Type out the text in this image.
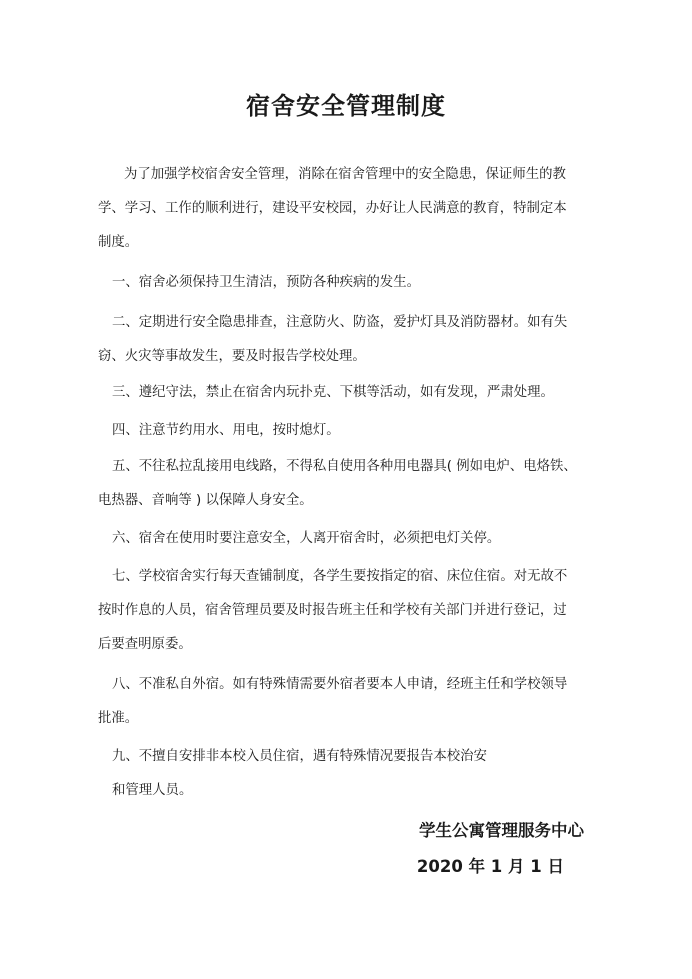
宿舍安全管理制度
为了加强学校宿舍安全管理，消除在宿舍管理中的安全隐患，保证师生的教
学、学习、工作的顺利进行，建设平安校园，办好让人民满意的教育，特制定本
制度。
一、宿舍必须保持卫生清洁，预防各种疾病的发生。
二、定期进行安全隐患排查，注意防火、防盗，爱护灯具及消防器材。如有失
窃、火灾等事故发生，要及时报告学校处理。
三、遵纪守法，禁止在宿舍内玩扑克、下棋等活动，如有发现，严肃处理。
四、注意节约用水、用电，按时熄灯。
五、不往私拉乱接用电线路，不得私自使用各种用电器具( 例如电炉、电烙铁、
电热器、音响等 ) 以保障人身安全。
六、宿舍在使用时要注意安全，人离开宿舍时，必须把电灯关停。
七、学校宿舍实行每天查铺制度，各学生要按指定的宿、床位住宿。对无故不
按时作息的人员，宿舍管理员要及时报告班主任和学校有关部门并进行登记，过
后要查明原委。
八、不准私自外宿。如有特殊情需要外宿者要本人申请，经班主任和学校领导
批准。
九、不擅自安排非本校入员住宿，遇有特殊情况要报告本校治安
和管理人员。
学生公寓管理服务中心
2020 年 1 月 1 日
